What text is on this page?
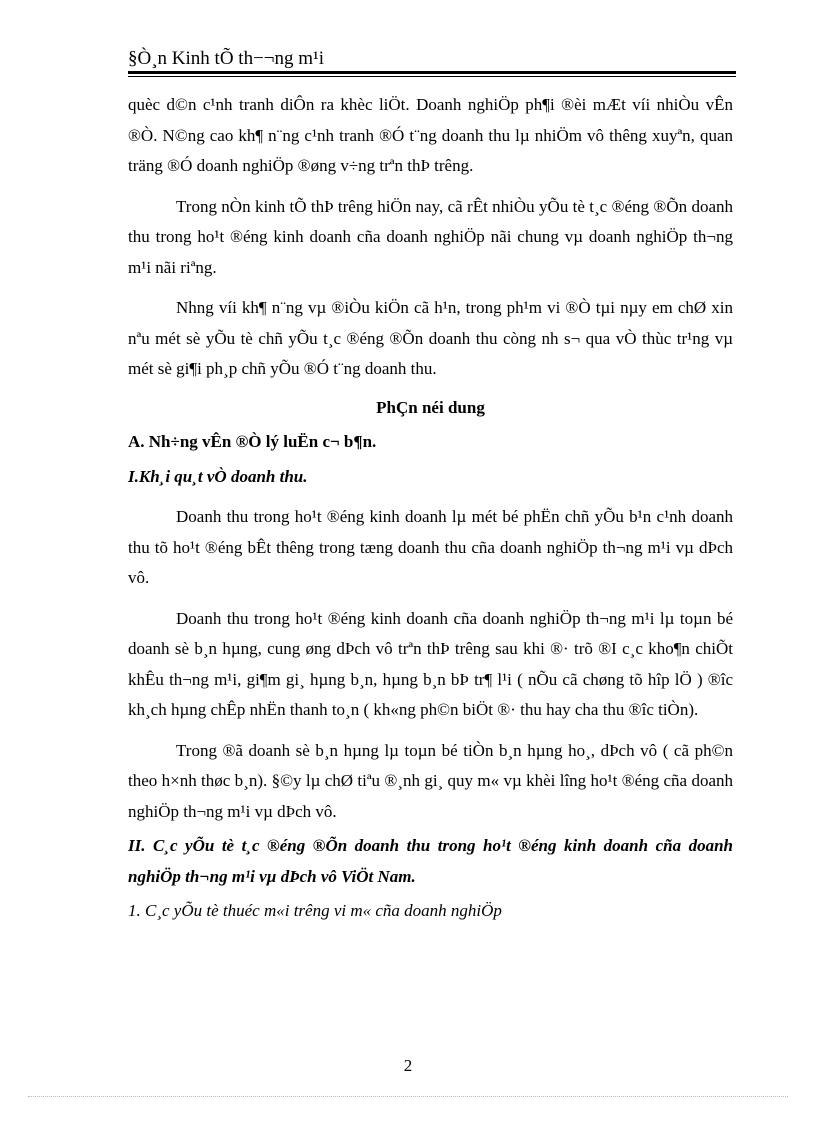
§Ò¸n Kinh tÕ th−¬ng m¹i

quèc d©n c¹nh tranh diÔn ra khèc liÖt. Doanh nghiÖp ph¶i ®èi mÆt víi nhiÒu vÊn ®Ò. N©ng cao kh¶ n¨ng c¹nh tranh ®Ó t¨ng doanh thu lµ nhiÖm vô thêng xuyªn, quan träng ®Ó doanh nghiÖp ®øng v÷ng trªn thÞ trêng.

Trong nÒn kinh tÕ thÞ trêng hiÖn nay, cã rÊt nhiÒu yÕu tè t¸c ®éng ®Õn doanh thu trong ho¹t ®éng kinh doanh cña doanh nghiÖp nãi chung vµ doanh nghiÖp th¬ng m¹i nãi riªng.

Nhng víi kh¶ n¨ng vµ ®iÒu kiÖn cã h¹n, trong ph¹m vi ®Ò tµi nµy em chØ xin nªu mét sè yÕu tè chñ yÕu t¸c ®éng ®Õn doanh thu còng nh s¬ qua vÒ thùc tr¹ng vµ mét sè gi¶i ph¸p chñ yÕu ®Ó t¨ng doanh thu.

PhÇn néi dung

A. Nh÷ng vÊn ®Ò lý luËn c¬ b¶n.

I.Kh¸i qu¸t vÒ doanh thu.

Doanh thu trong ho¹t ®éng kinh doanh lµ mét bé phËn chñ yÕu b¹n c¹nh doanh thu tõ ho¹t ®éng bÊt thêng trong tæng doanh thu cña doanh nghiÖp th¬ng m¹i vµ dÞch vô.

Doanh thu trong ho¹t ®éng kinh doanh cña doanh nghiÖp th¬ng m¹i lµ toµn bé doanh sè b¸n hµng, cung øng dÞch vô trªn thÞ trêng sau khi ®· trõ ®I c¸c kho¶n chiÕt khÊu th¬ng m¹i, gi¶m gi¸ hµng b¸n, hµng b¸n bÞ tr¶ l¹i ( nÕu cã chøng tõ hîp lÖ ) ®îc kh¸ch hµng chÊp nhËn thanh to¸n ( kh«ng ph©n biÖt ®· thu hay cha thu ®îc tiÒn).

Trong ®ã doanh sè b¸n hµng lµ toµn bé tiÒn b¸n hµng ho¸, dÞch vô ( cã ph©n theo h×nh thøc b¸n). §©y lµ chØ tiªu ®¸nh gi¸ quy m« vµ khèi lîng ho¹t ®éng cña doanh nghiÖp th¬ng m¹i vµ dÞch vô.

II. C¸c yÕu tè t¸c ®éng ®Õn doanh thu trong ho¹t ®éng kinh doanh cña doanh nghiÖp th¬ng m¹i vµ dÞch vô ViÖt Nam.

1. C¸c yÕu tè thuéc m«i trêng vi m« cña doanh nghiÖp

2
